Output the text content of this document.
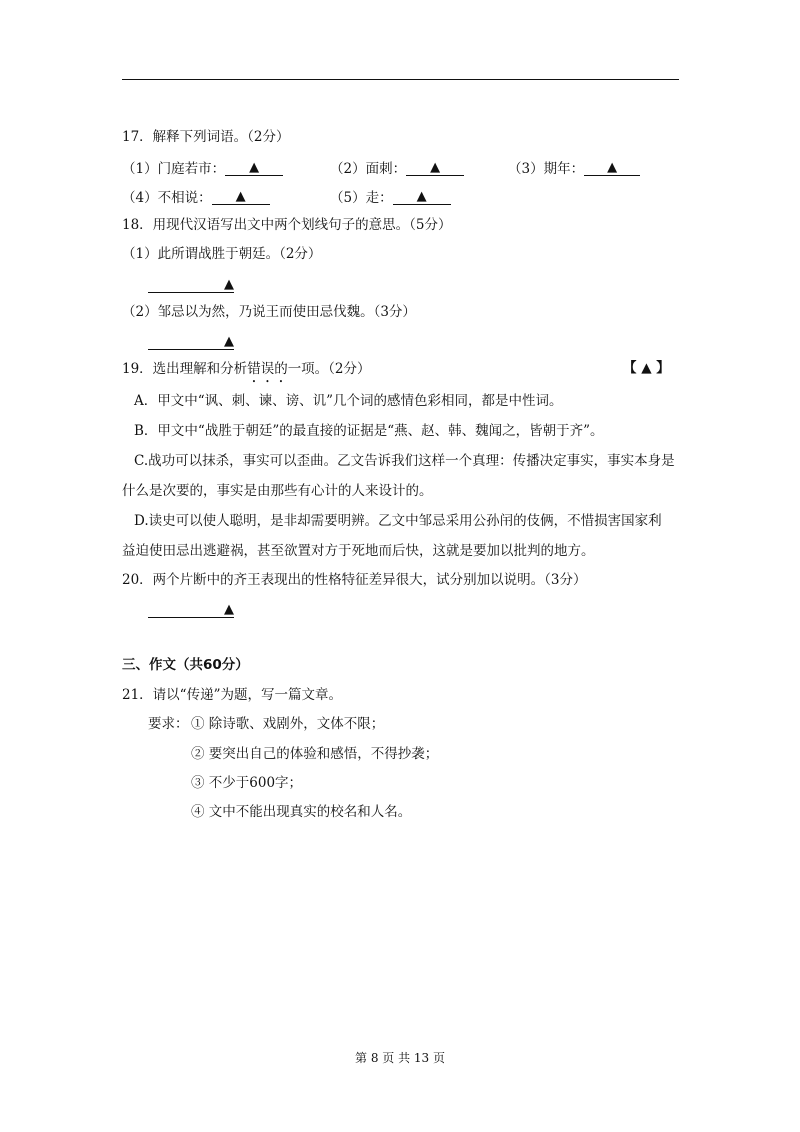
17．解释下列词语。（2分）
（1）门庭若市： ▲	（2）面刺： ▲	（3）期年： ▲
（4）不相说： ▲	（5）走： ▲
18．用现代汉语写出文中两个划线句子的意思。（5分）
（1）此所谓战胜于朝廷。（2分）
▲
（2）邹忌以为然，乃说王而使田忌伐魏。（3分）
▲
19．选出理解和分析错误的一项。（2分）	【 ▲ 】
A．甲文中“讽、刺、谏、谤、讥”几个词的感情色彩相同，都是中性词。
B．甲文中“战胜于朝廷”的最直接的证据是“燕、赵、韩、魏闻之，皆朝于齐”。
C.战功可以抹杀，事实可以歪曲。乙文告诉我们这样一个真理：传播决定事实，事实本身是
什么是次要的，事实是由那些有心计的人来设计的。
D.读史可以使人聪明，是非却需要明辨。乙文中邹忌采用公孙闬的伎俩，不惜损害国家利
益迫使田忌出逃避祸，甚至欲置对方于死地而后快，这就是要加以批判的地方。
20．两个片断中的齐王表现出的性格特征差异很大，试分别加以说明。（3分）
▲
三、作文（共60分）
21．请以“传递”为题，写一篇文章。
要求： ① 除诗歌、戏剧外，文体不限；
② 要突出自己的体验和感悟，不得抄袭；
③ 不少于600字；
④ 文中不能出现真实的校名和人名。
第 8 页 共 13 页
